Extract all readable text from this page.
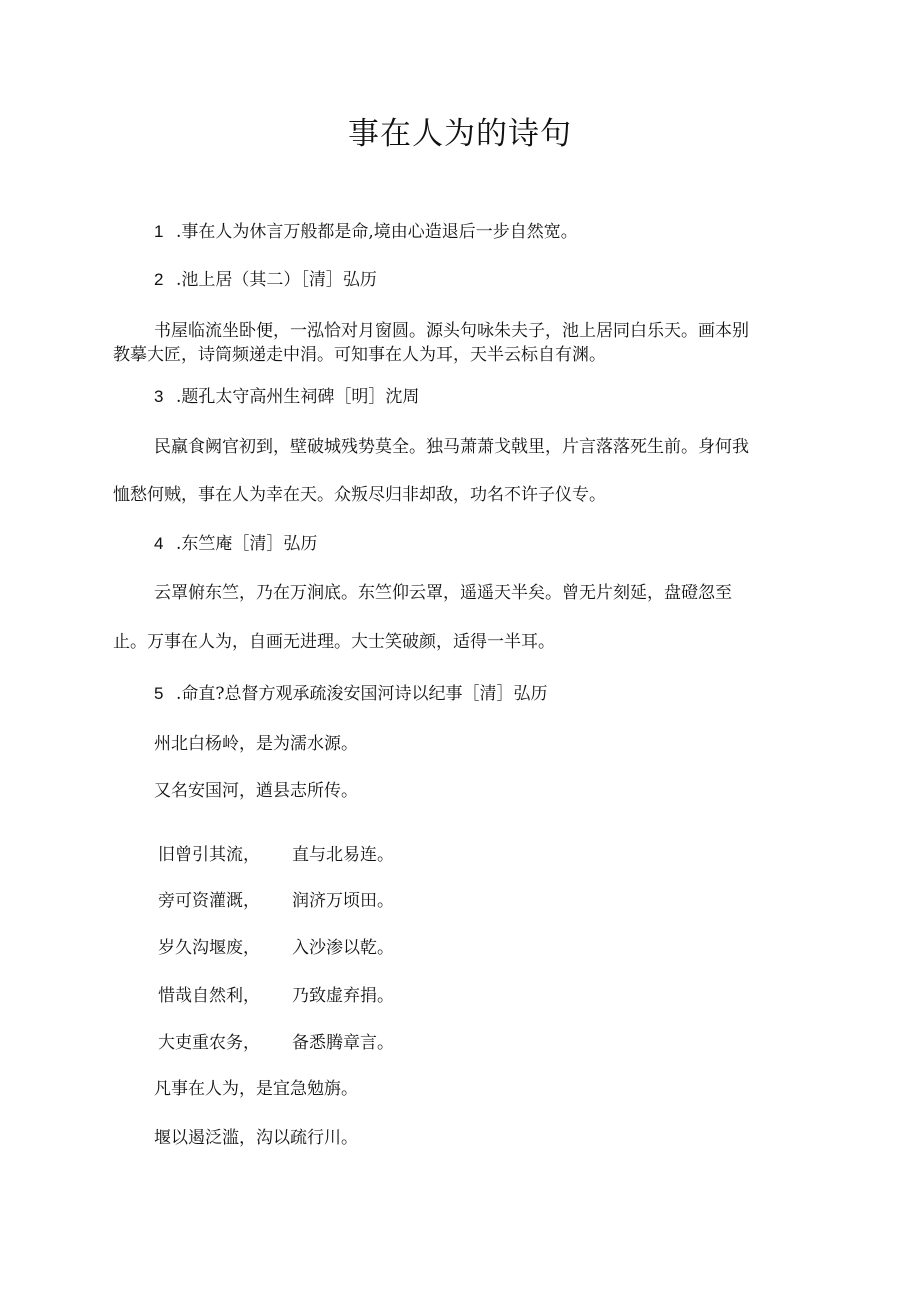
事在人为的诗句
1 .事在人为休言万般都是命,境由心造退后一步自然宽。
2 .池上居（其二）［清］弘历
书屋临流坐卧便，一泓恰对月窗圆。源头句咏朱夫子，池上居同白乐天。画本别
教摹大匠，诗筒频递走中涓。可知事在人为耳，天半云标自有渊。
3 .题孔太守高州生祠碑［明］沈周
民羸食阙官初到，壁破城残势莫全。独马萧萧戈戟里，片言落落死生前。身何我
恤愁何贼，事在人为幸在天。众叛尽归非却敌，功名不许子仪专。
4 .东竺庵［清］弘历
云罩俯东竺，乃在万涧底。东竺仰云罩，遥遥天半矣。曾无片刻延，盘磴忽至
止。万事在人为，自画无进理。大士笑破颜，适得一半耳。
5 .命直?总督方观承疏浚安国河诗以纪事［清］弘历
州北白杨岭，是为濡水源。
又名安国河，遒县志所传。
旧曾引其流， 直与北易连。
旁可资灌溉， 润济万顷田。
岁久沟堰废， 入沙渗以乾。
惜哉自然利， 乃致虚弃捐。
大吏重农务， 备悉腾章言。
凡事在人为，是宜急勉旃。
堰以遏泛滥，沟以疏行川。
